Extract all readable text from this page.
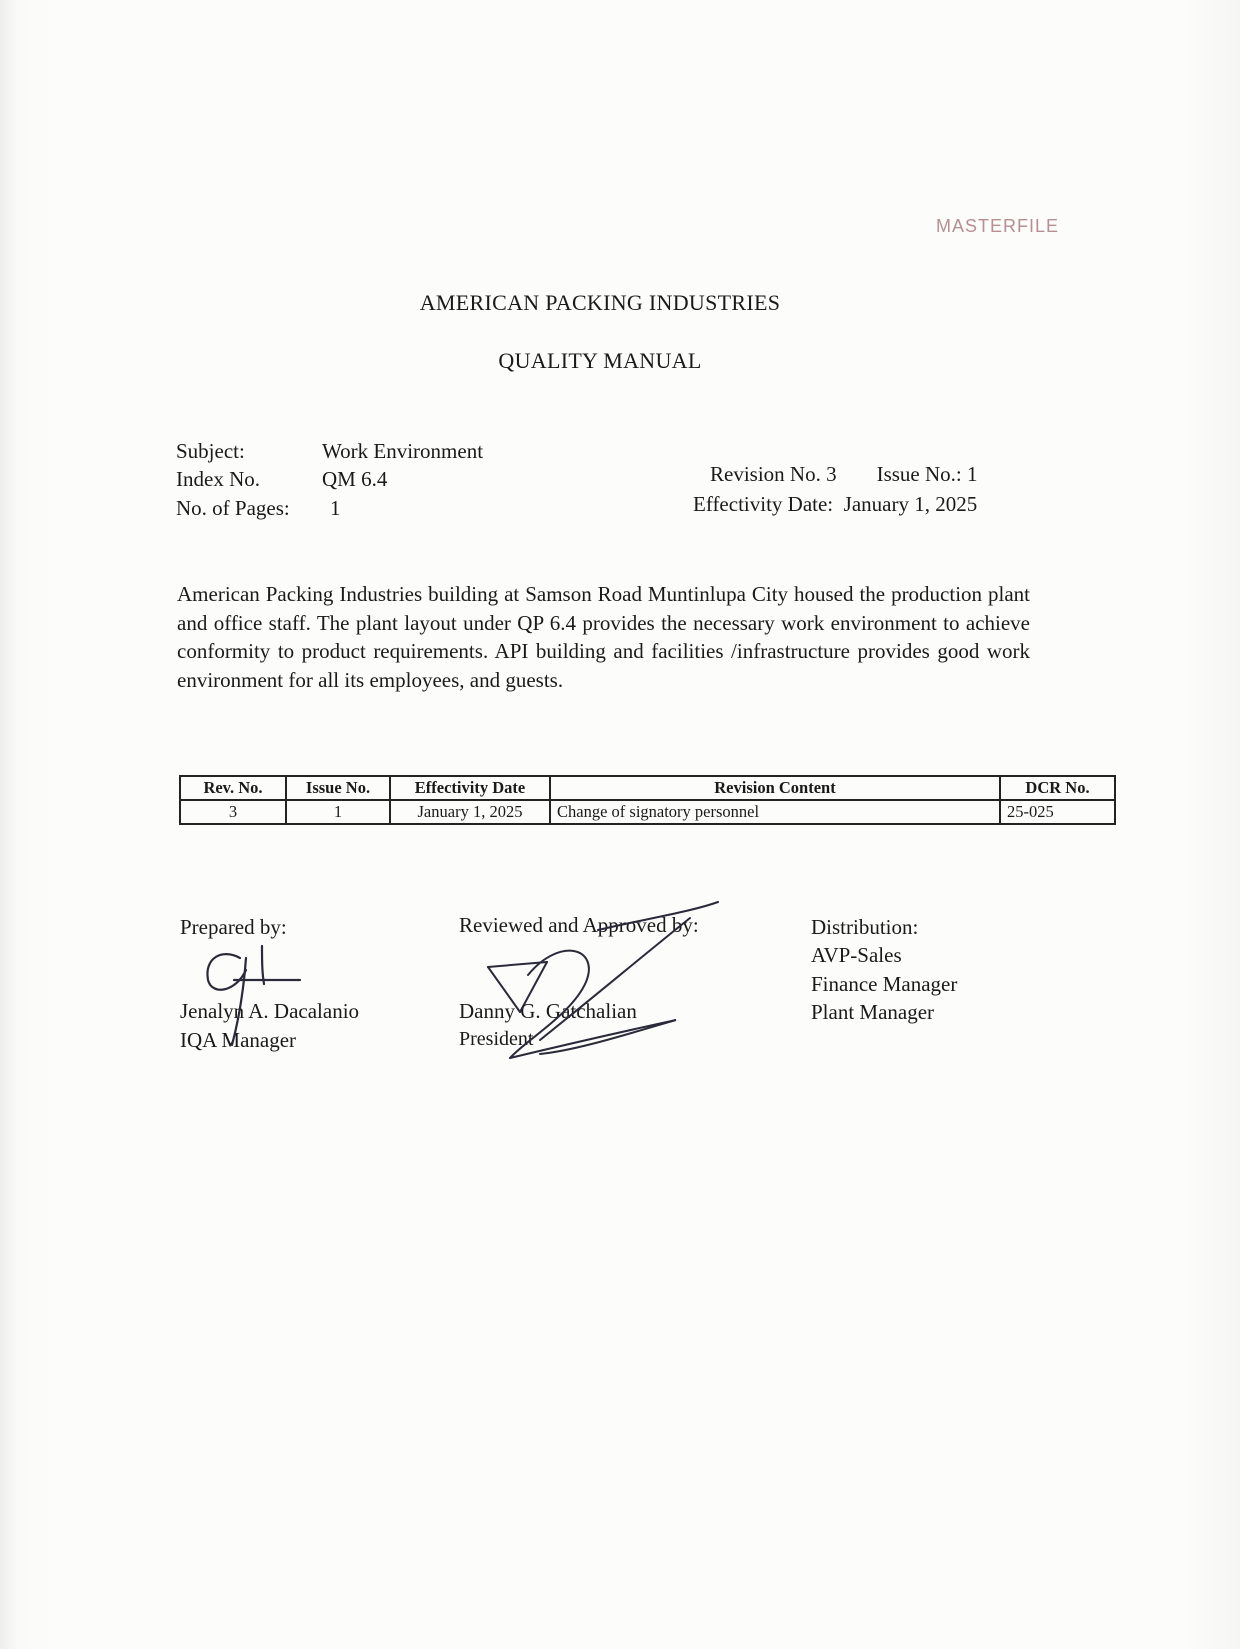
MASTERFILE
AMERICAN PACKING INDUSTRIES
QUALITY MANUAL
Subject:	Work Environment
Index No.	QM 6.4
No. of Pages: 1
Revision No. 3 Issue No.: 1
Effectivity Date: January 1, 2025
American Packing Industries building at Samson Road Muntinlupa City housed the production plant and office staff. The plant layout under QP 6.4 provides the necessary work environment to achieve conformity to product requirements. API building and facilities /infrastructure provides good work environment for all its employees, and guests.
Rev. No.	Issue No.	Effectivity Date	Revision Content	DCR No.
3	1	January 1, 2025	Change of signatory personnel	25-025
Prepared by:
Jenalyn A. Dacalanio
IQA Manager
Reviewed and Approved by:
Danny G. Gatchalian
President
Distribution:
AVP-Sales
Finance Manager
Plant Manager
